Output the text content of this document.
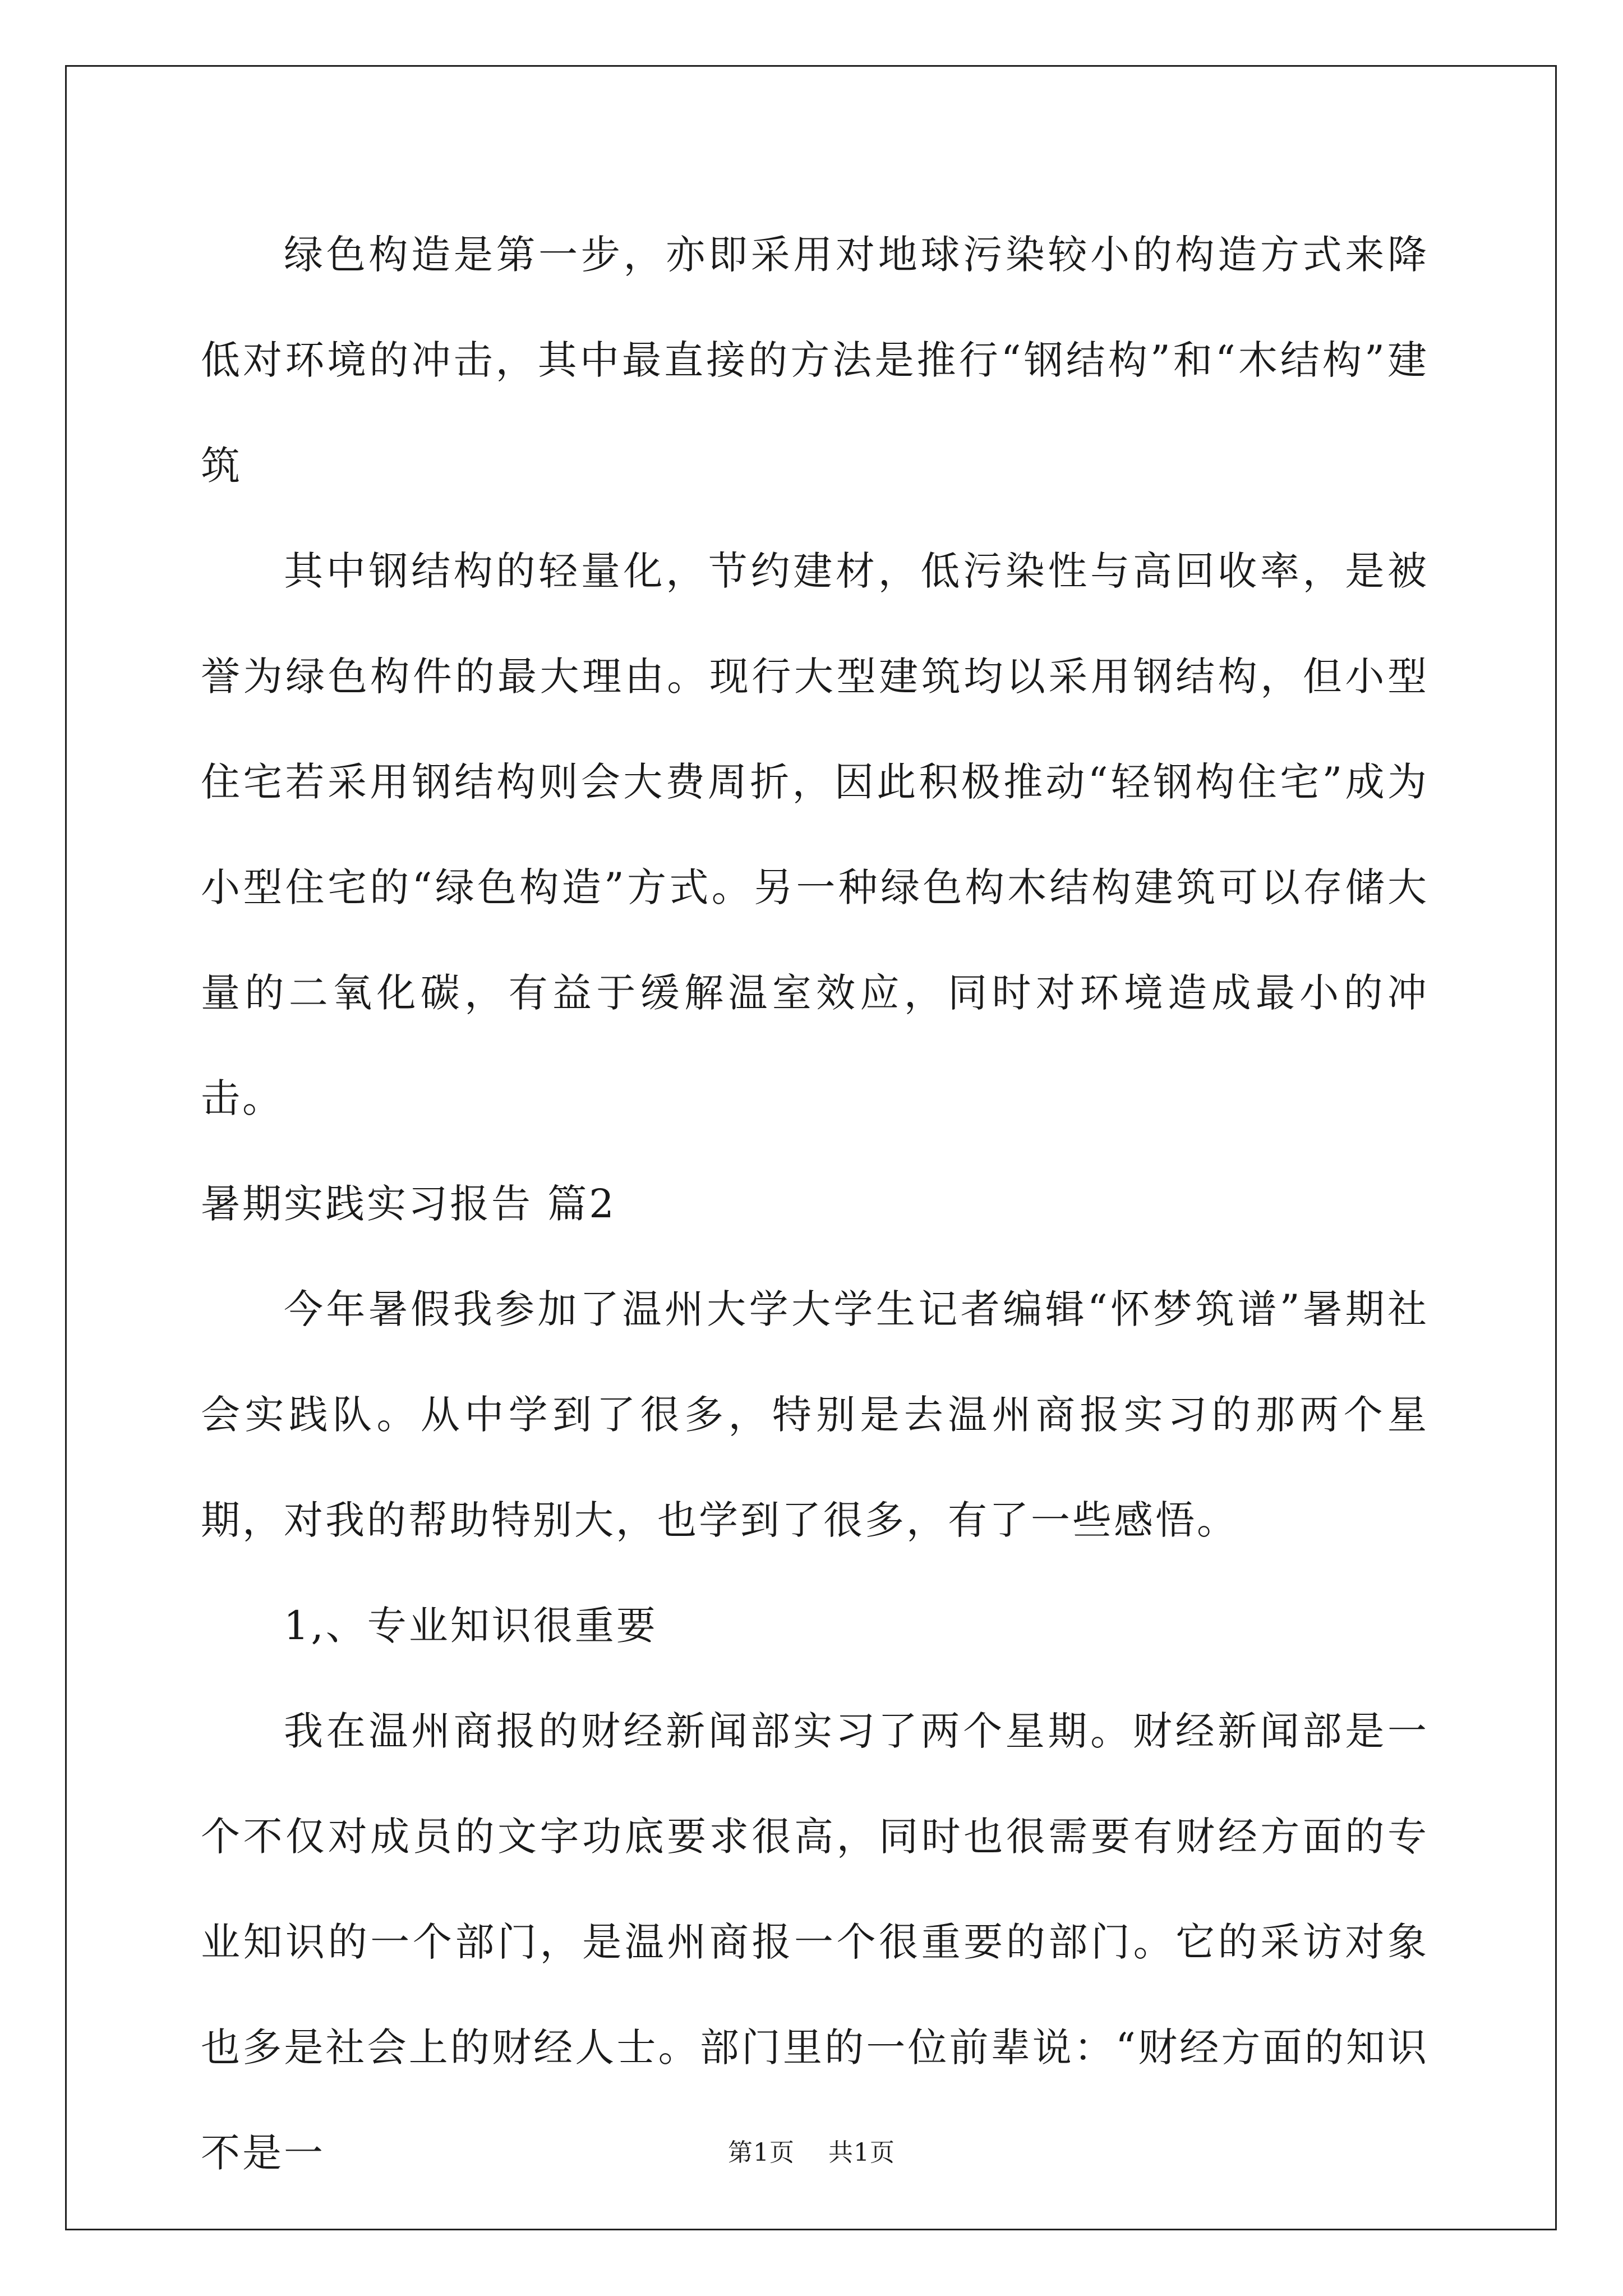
绿色构造是第一步，亦即采用对地球污染较小的构造方式来降低对环境的冲击，其中最直接的方法是推行“钢结构”和“木结构”建筑

其中钢结构的轻量化，节约建材，低污染性与高回收率，是被誉为绿色构件的最大理由。现行大型建筑均以采用钢结构，但小型住宅若采用钢结构则会大费周折，因此积极推动“轻钢构住宅”成为小型住宅的“绿色构造”方式。另一种绿色构木结构建筑可以存储大量的二氧化碳，有益于缓解温室效应，同时对环境造成最小的冲击。

暑期实践实习报告 篇2

今年暑假我参加了温州大学大学生记者编辑“怀梦筑谱”暑期社会实践队。从中学到了很多，特别是去温州商报实习的那两个星期，对我的帮助特别大，也学到了很多，有了一些感悟。

1,、专业知识很重要

我在温州商报的财经新闻部实习了两个星期。财经新闻部是一个不仅对成员的文字功底要求很高，同时也很需要有财经方面的专业知识的一个部门，是温州商报一个很重要的部门。它的采访对象也多是社会上的财经人士。部门里的一位前辈说：“财经方面的知识不是一	第1页 共1页
